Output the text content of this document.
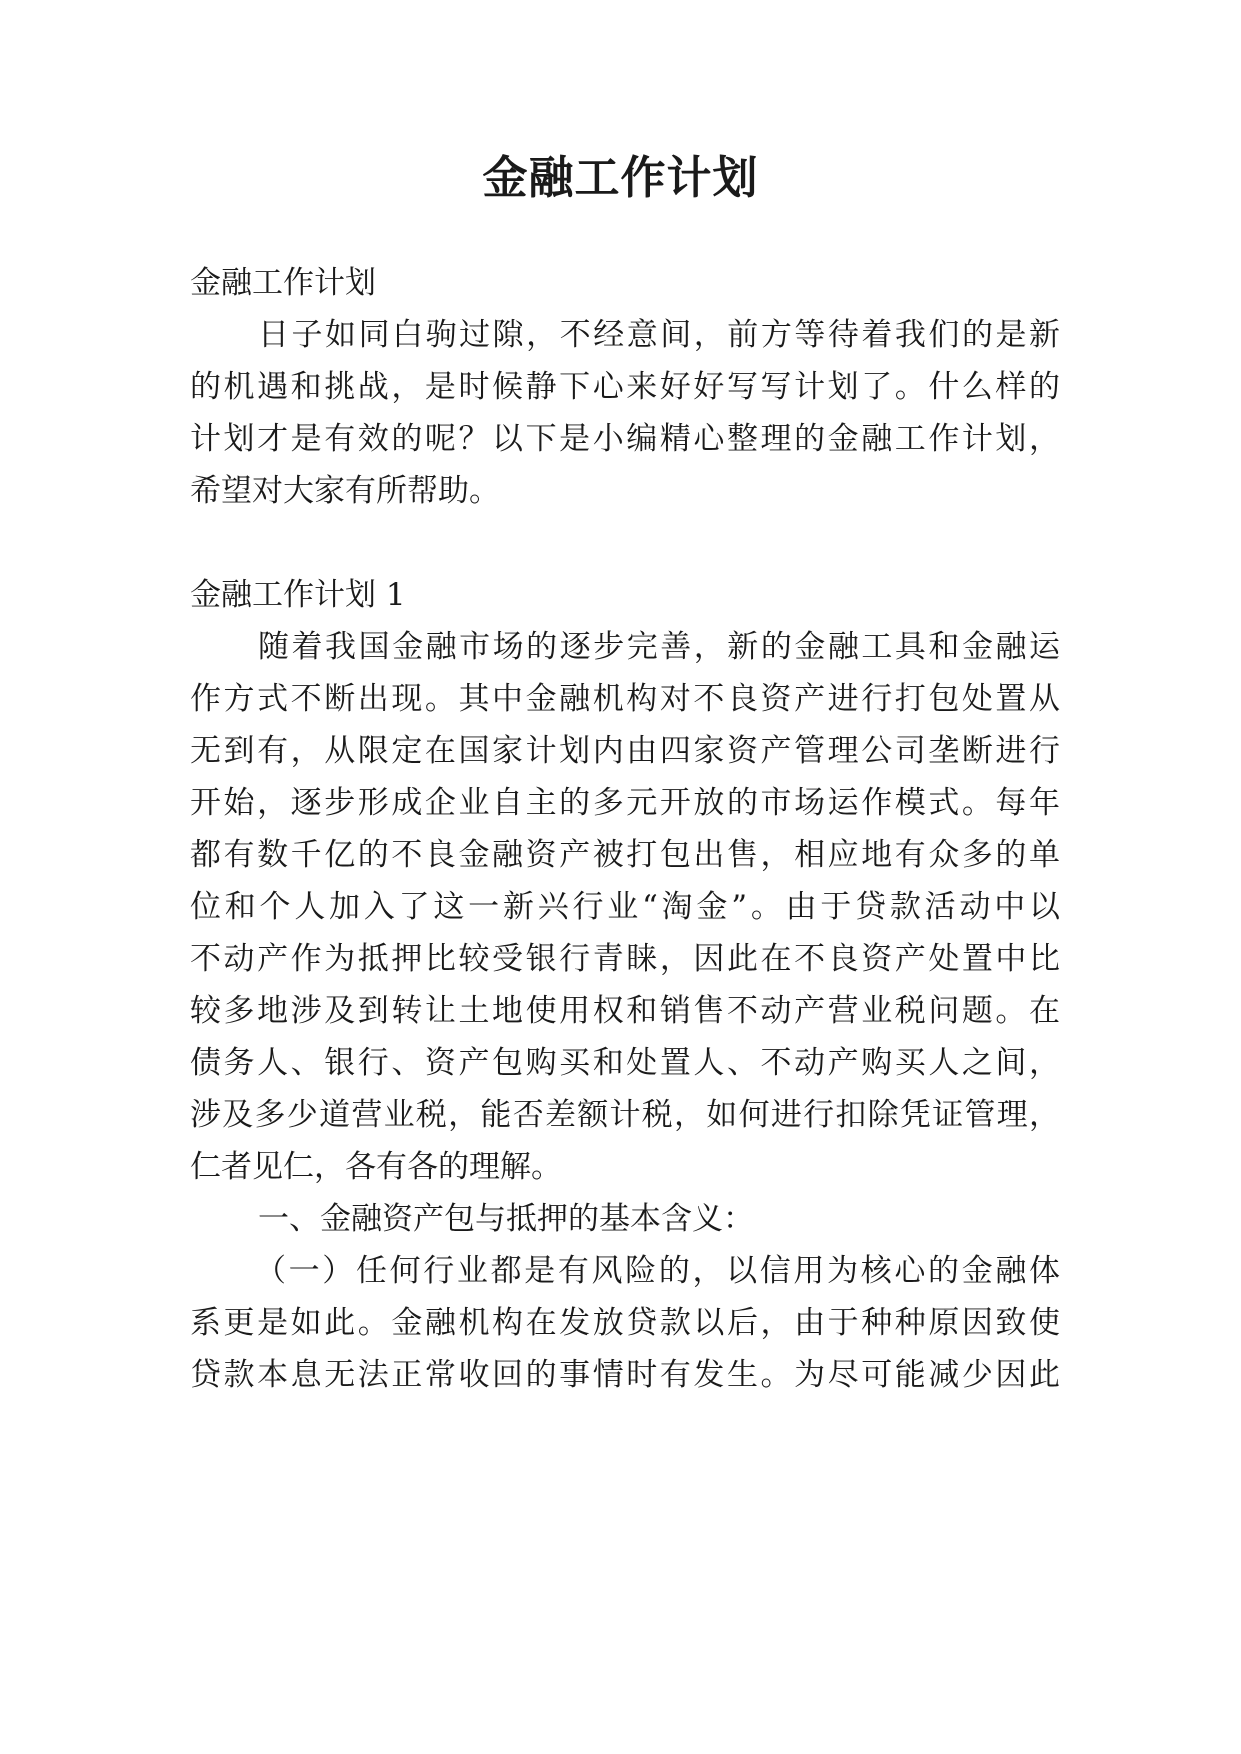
金融工作计划

金融工作计划

日子如同白驹过隙，不经意间，前方等待着我们的是新

的机遇和挑战，是时候静下心来好好写写计划了。什么样的

计划才是有效的呢？以下是小编精心整理的金融工作计划，

希望对大家有所帮助。

金融工作计划 1

随着我国金融市场的逐步完善，新的金融工具和金融运

作方式不断出现。其中金融机构对不良资产进行打包处置从

无到有，从限定在国家计划内由四家资产管理公司垄断进行

开始，逐步形成企业自主的多元开放的市场运作模式。每年

都有数千亿的不良金融资产被打包出售，相应地有众多的单

位和个人加入了这一新兴行业“淘金”。由于贷款活动中以

不动产作为抵押比较受银行青睐，因此在不良资产处置中比

较多地涉及到转让土地使用权和销售不动产营业税问题。在

债务人、银行、资产包购买和处置人、不动产购买人之间，

涉及多少道营业税，能否差额计税，如何进行扣除凭证管理，

仁者见仁，各有各的理解。

一、金融资产包与抵押的基本含义：

（一）任何行业都是有风险的，以信用为核心的金融体

系更是如此。金融机构在发放贷款以后，由于种种原因致使

贷款本息无法正常收回的事情时有发生。为尽可能减少因此
